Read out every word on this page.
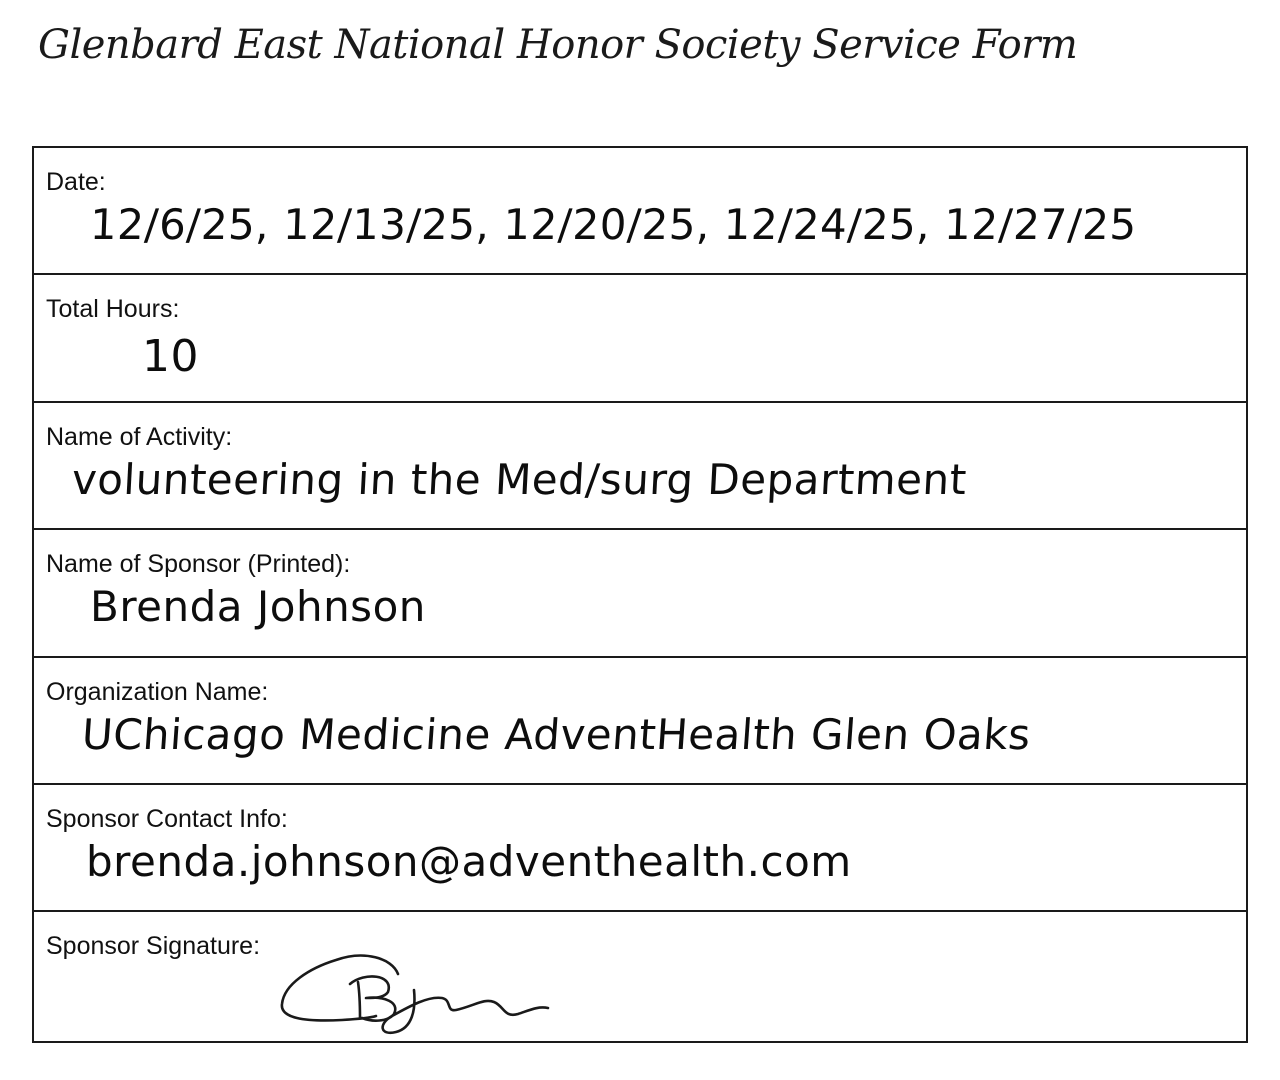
Glenbard East National Honor Society Service Form
Date:
12/6/25, 12/13/25, 12/20/25, 12/24/25, 12/27/25
Total Hours:
10
Name of Activity:
volunteering in the Med/surg Department
Name of Sponsor (Printed):
Brenda Johnson
Organization Name:
UChicago Medicine AdventHealth Glen Oaks
Sponsor Contact Info:
brenda.johnson@adventhealth.com
Sponsor Signature:
